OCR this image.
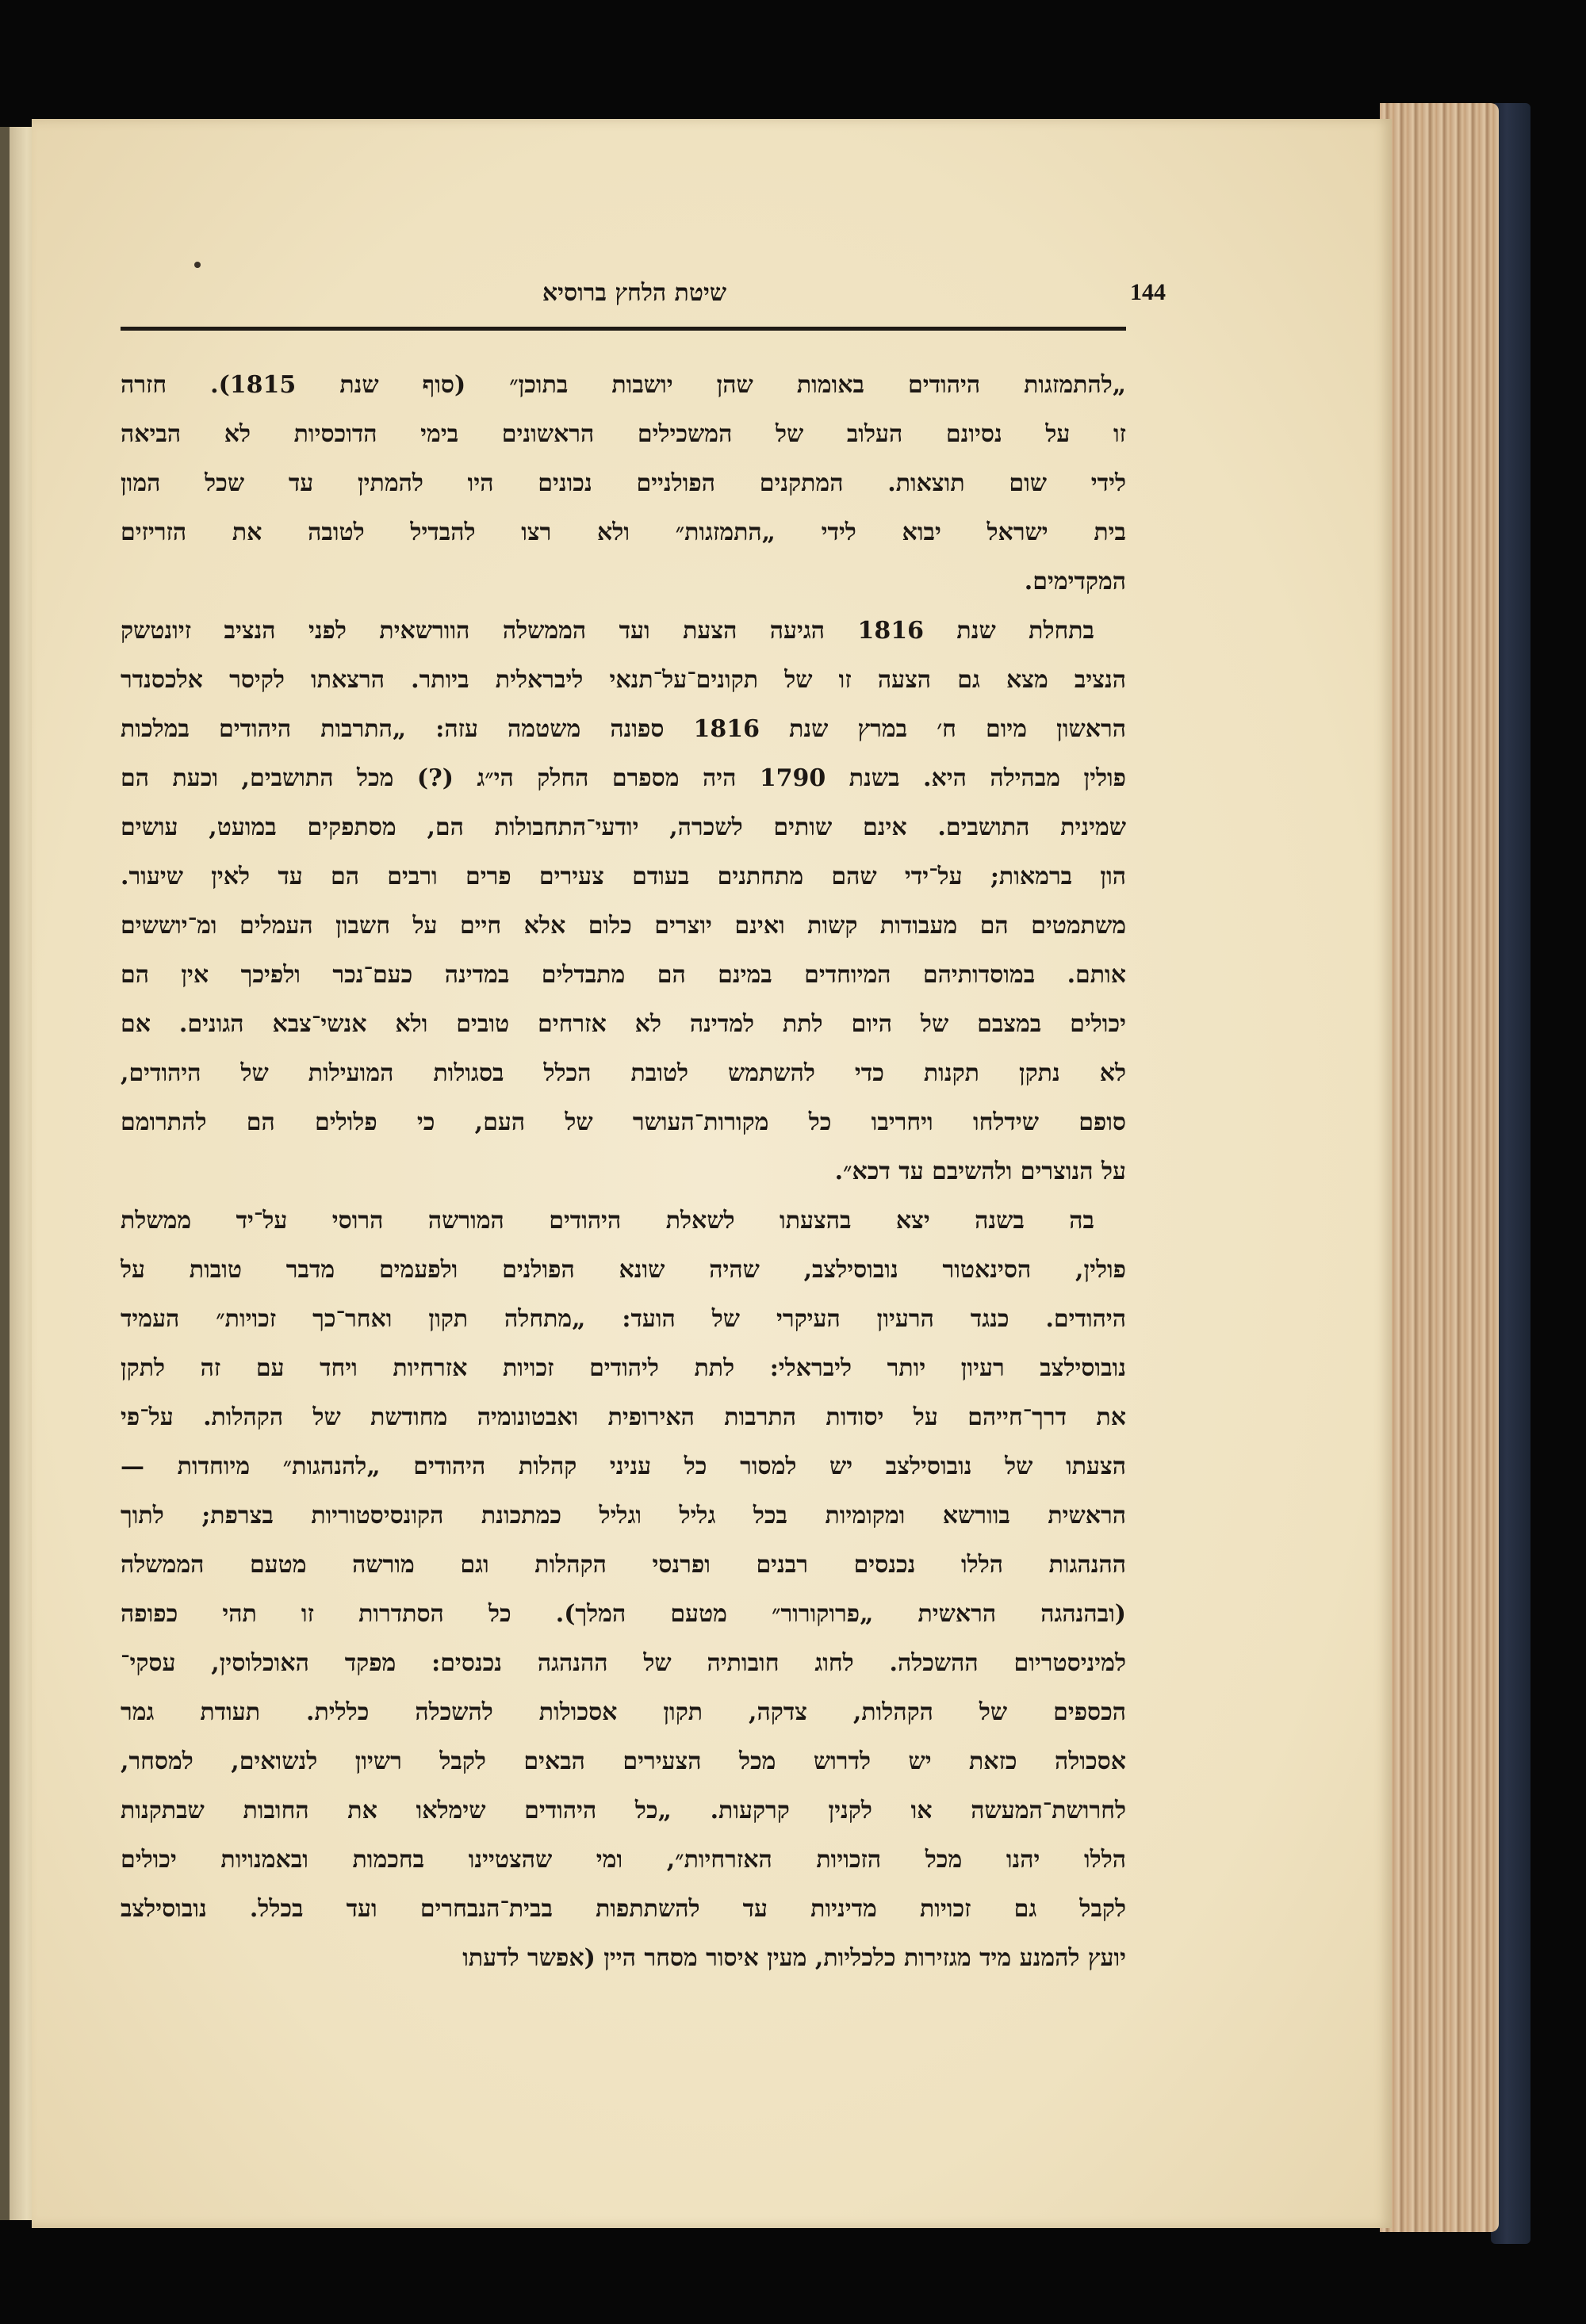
שיטת הלחץ ברוסיא	144
„להתמזגות היהודים באומות שהן יושבות בתוכן״ (סוף שנת 1815). חזרה
זו על נסיונם העלוב של המשכילים הראשונים בימי הדוכסיות לא הביאה
לידי שום תוצאות. המתקנים הפולניים נכונים היו להמתין עד שכל המון
בית ישראל יבוא לידי „התמזגות״ ולא רצו להבדיל לטובה את הזריזים
המקדימים.
בתחלת שנת 1816 הגיעה הצעת ועד הממשלה הוורשאית לפני הנציב זיונטשק
הנציב מצא גם הצעה זו של תקונים־על־תנאי ליבראלית ביותר. הרצאתו לקיסר אלכסנדר
הראשון מיום ח׳ במרץ שנת 1816 ספונה משטמה עזה: „התרבות היהודים במלכות
פולין מבהילה היא. בשנת 1790 היה מספרם החלק הי״ג (?) מכל התושבים, וכעת הם
שמינית התושבים. אינם שותים לשכרה, יודעי־התחבולות הם, מסתפקים במועט, עושים
הון ברמאות; על־ידי שהם מתחתנים בעודם צעירים פרים ורבים הם עד לאין שיעור.
משתמטים הם מעבודות קשות ואינם יוצרים כלום אלא חיים על חשבון העמלים ומ־יוששים
אותם. במוסדותיהם המיוחדים במינם הם מתבדלים במדינה כעם־נכר ולפיכך אין הם
יכולים במצבם של היום לתת למדינה לא אזרחים טובים ולא אנשי־צבא הגונים. אם
לא נתקן תקנות כדי להשתמש לטובת הכלל בסגולות המועילות של היהודים,
סופם שידלחו ויחריבו כל מקורות־העושר של העם, כי פלולים הם להתרומם
על הנוצרים ולהשיבם עד דכא״.
בה בשנה יצא בהצעתו לשאלת היהודים המורשה הרוסי על־יד ממשלת
פולין, הסינאטור נובוסילצב, שהיה שונא הפולנים ולפעמים מדבר טובות על
היהודים. כנגד הרעיון העיקרי של הועד: „מתחלה תקון ואחר־כך זכויות״ העמיד
נובוסילצב רעיון יותר ליבראלי: לתת ליהודים זכויות אזרחיות ויחד עם זה לתקן
את דרך־חייהם על יסודות התרבות האירופית ואבטונומיה מחודשת של הקהלות. על־פי
הצעתו של נובוסילצב יש למסור כל עניני קהלות היהודים „להנהגות״ מיוחדות —
הראשית בוורשא ומקומיות בכל גליל וגליל כמתכונת הקונסיסטוריות בצרפת; לתוך
ההנהגות הללו נכנסים רבנים ופרנסי הקהלות וגם מורשה מטעם הממשלה
(ובהנהגה הראשית „פרוקורור״ מטעם המלך). כל הסתדרות זו תהי כפופה
למיניסטריום ההשכלה. לחוג חובותיה של ההנהגה נכנסים: מפקד האוכלוסין, עסקי־
הכספים של הקהלות, צדקה, תקון אסכולות להשכלה כללית. תעודת גמר
אסכולה כזאת יש לדרוש מכל הצעירים הבאים לקבל רשיון לנשואים, למסחר,
לחרושת־המעשה או לקנין קרקעות. „כל היהודים שימלאו את החובות שבתקנות
הללו יהנו מכל הזכויות האזרחיות״, ומי שהצטיינו בחכמות ובאמנויות יכולים
לקבל גם זכויות מדיניות עד להשתתפות בבית־הנבחרים ועד בכלל. נובוסילצב
יועץ להמנע מיד מגזירות כלכליות, מעין איסור מסחר היין (אפשר לדעתו
